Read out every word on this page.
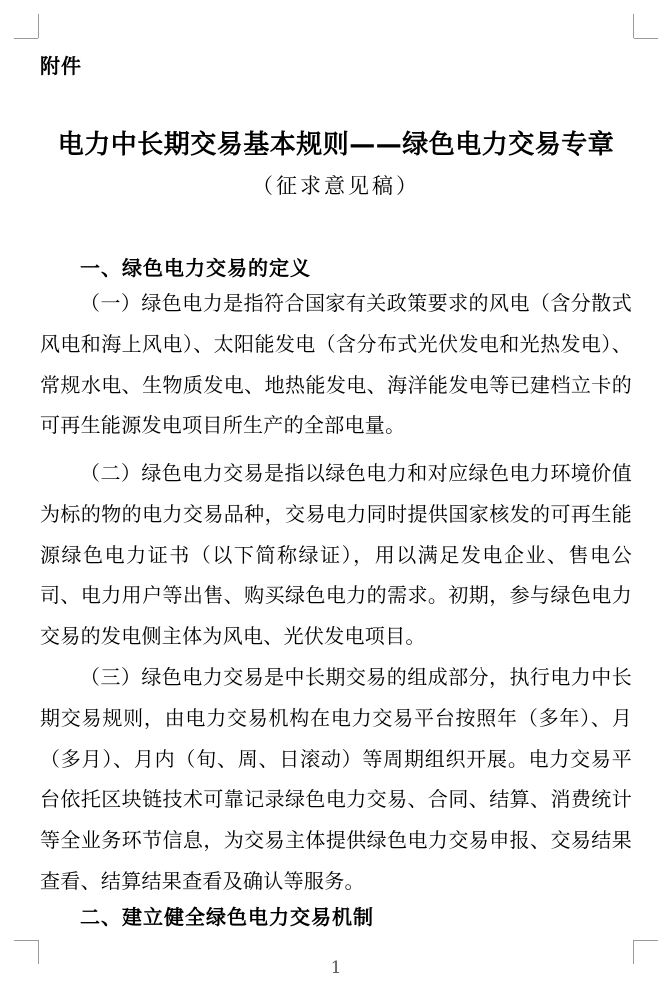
附件
电力中长期交易基本规则——绿色电力交易专章
（征求意见稿）
一、绿色电力交易的定义

（一）绿色电力是指符合国家有关政策要求的风电（含分散式风电和海上风电）、太阳能发电（含分布式光伏发电和光热发电）、常规水电、生物质发电、地热能发电、海洋能发电等已建档立卡的可再生能源发电项目所生产的全部电量。

（二）绿色电力交易是指以绿色电力和对应绿色电力环境价值为标的物的电力交易品种，交易电力同时提供国家核发的可再生能源绿色电力证书（以下简称绿证），用以满足发电企业、售电公司、电力用户等出售、购买绿色电力的需求。初期，参与绿色电力交易的发电侧主体为风电、光伏发电项目。

（三）绿色电力交易是中长期交易的组成部分，执行电力中长期交易规则，由电力交易机构在电力交易平台按照年（多年）、月（多月）、月内（旬、周、日滚动）等周期组织开展。电力交易平台依托区块链技术可靠记录绿色电力交易、合同、结算、消费统计等全业务环节信息，为交易主体提供绿色电力交易申报、交易结果查看、结算结果查看及确认等服务。

二、建立健全绿色电力交易机制
1
